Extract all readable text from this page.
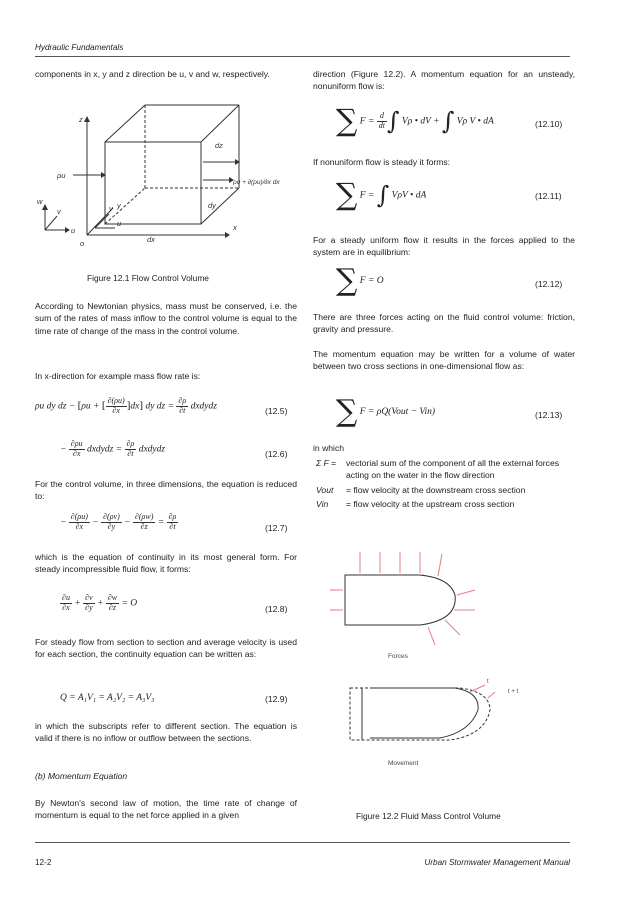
Hydraulic Fundamentals

components in x, y and z direction be u, v and w, respectively.

z
y
x
dz
dy
dx
o
ρu
w
v
u
v
u
ρu + ∂(ρu)/∂x dx
Figure 12.1 Flow Control Volume

According to Newtonian physics, mass must be conserved, i.e. the sum of the rates of mass inflow to the control volume is equal to the time rate of change of the mass in the control volume.

In x-direction for example mass flow rate is:

ρu dy dz − [ρu + [ $\frac{\partial(\rho u)}{\partial x} ]dx$] dy dz = $\frac{\partial\rho}{\partial t}$ dxdydz	(12.5)
− $\frac{\partial\rho u}{\partial x}$ dxdydz = $\frac{\partial\rho}{\partial t}$ dxdydz	(12.6)

For the control volume, in three dimensions, the equation is reduced to:

− $\frac{\partial(\rho u)}{\partial x} - \frac{\partial(\rho v)}{\partial y} - \frac{\partial(\rho w)}{\partial z} = \frac{\partial\rho}{\partial t}$	(12.7)

which is the equation of continuity in its most general form. For steady incompressible fluid flow, it forms:

$\frac{\partial u}{\partial x} + \frac{\partial v}{\partial y} + \frac{\partial w}{\partial z} = O$
(12.8)

For steady flow from section to section and average velocity is used for each section, the continuity equation can be written as:

Q = A₁V₁ = A₂V₂ = A₃V₃	(12.9)

in which the subscripts refer to different section. The equation is valid if there is no inflow or outflow between the sections.

(b) Momentum Equation

By Newton's second law of motion, the time rate of change of momentum is equal to the net force applied in a given

direction (Figure 12.2). A momentum equation for an unsteady, nonuniform flow is:

∑ $F = \frac{d}{dt}$ ∫ Vρ • dV + ∫ Vρ V • dA	(12.10)

If nonuniform flow is steady it forms:

∑ F = ∫ VρV • dA	(12.11)

For a steady uniform flow it results in the forces applied to the system are in equilibrium:

∑ F = O	(12.12)

There are three forces acting on the fluid control volume: friction, gravity and pressure.

The momentum equation may be written for a volume of water between two cross sections in one-dimensional flow as:

∑ F = ρQ(Vout − Vin)	(12.13)
in which
Σ F =	vectorial sum of the component of all the external forces acting on the water in the flow direction
Vout	= flow velocity at the downstream cross section
Vin	= flow velocity at the upstream cross section
Forces
t
t + t
Movement
Figure 12.2 Fluid Mass Control Volume
12-2	Urban Stormwater Management Manual
